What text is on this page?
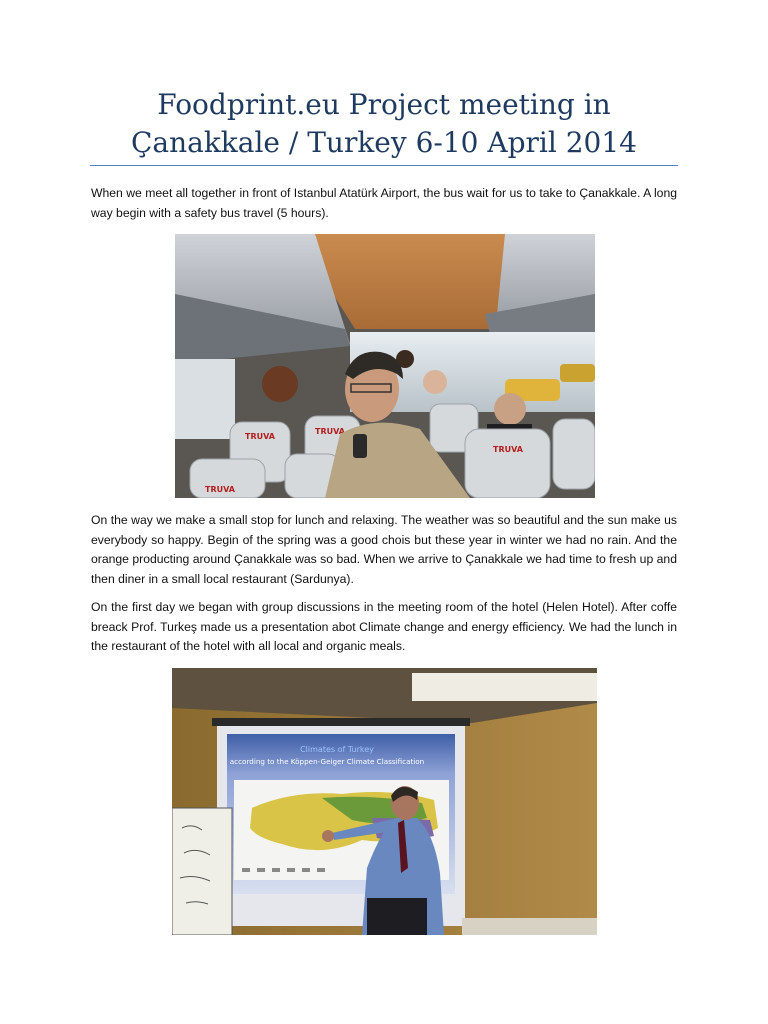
Foodprint.eu Project meeting in
Çanakkale / Turkey 6-10 April 2014

When we meet all together in front of Istanbul Atatürk Airport, the bus wait for us to take to Çanakkale. A long way begin with a safety bus travel (5 hours).

TRUVA
TRUVA
TRUVA
TRUVA

On the way we make a small stop for lunch and relaxing. The weather was so beautiful and the sun make us everybody so happy. Begin of the spring was a good chois but these year in winter we had no rain. And the orange producting around Çanakkale was so bad. When we arrive to Çanakkale we had time to fresh up and then diner in a small local restaurant (Sardunya).

On the first day we began with group discussions in the meeting room of the hotel (Helen Hotel). After coffe breack Prof. Turkeş made us a presentation abot Climate change and energy efficiency. We had the lunch in the restaurant of the hotel with all local and organic meals.

Climates of Turkey
according to the Köppen-Geiger Climate Classification
